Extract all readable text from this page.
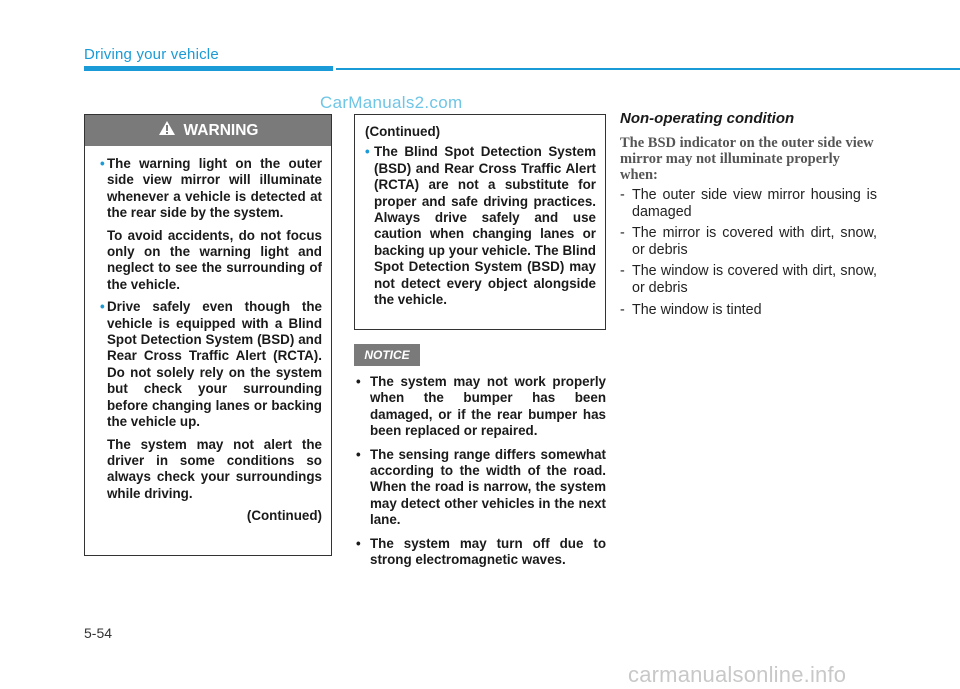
Driving your vehicle
CarManuals2.com
WARNING
• The warning light on the outer side view mirror will illuminate whenever a vehicle is detected at the rear side by the system.
To avoid accidents, do not focus only on the warning light and neglect to see the surrounding of the vehicle.
• Drive safely even though the vehicle is equipped with a Blind Spot Detection System (BSD) and Rear Cross Traffic Alert (RCTA). Do not solely rely on the system but check your surrounding before changing lanes or backing the vehicle up.
The system may not alert the driver in some conditions so always check your surroundings while driving.
(Continued)
(Continued)
• The Blind Spot Detection System (BSD) and Rear Cross Traffic Alert (RCTA) are not a substitute for proper and safe driving practices. Always drive safely and use caution when changing lanes or backing up your vehicle. The Blind Spot Detection System (BSD) may not detect every object alongside the vehicle.
NOTICE
• The system may not work properly when the bumper has been damaged, or if the rear bumper has been replaced or repaired.
• The sensing range differs somewhat according to the width of the road. When the road is narrow, the system may detect other vehicles in the next lane.
• The system may turn off due to strong electromagnetic waves.
Non-operating condition
The BSD indicator on the outer side view mirror may not illuminate properly when:
- The outer side view mirror housing is damaged
- The mirror is covered with dirt, snow, or debris
- The window is covered with dirt, snow, or debris
- The window is tinted
5-54
carmanualsonline.info
